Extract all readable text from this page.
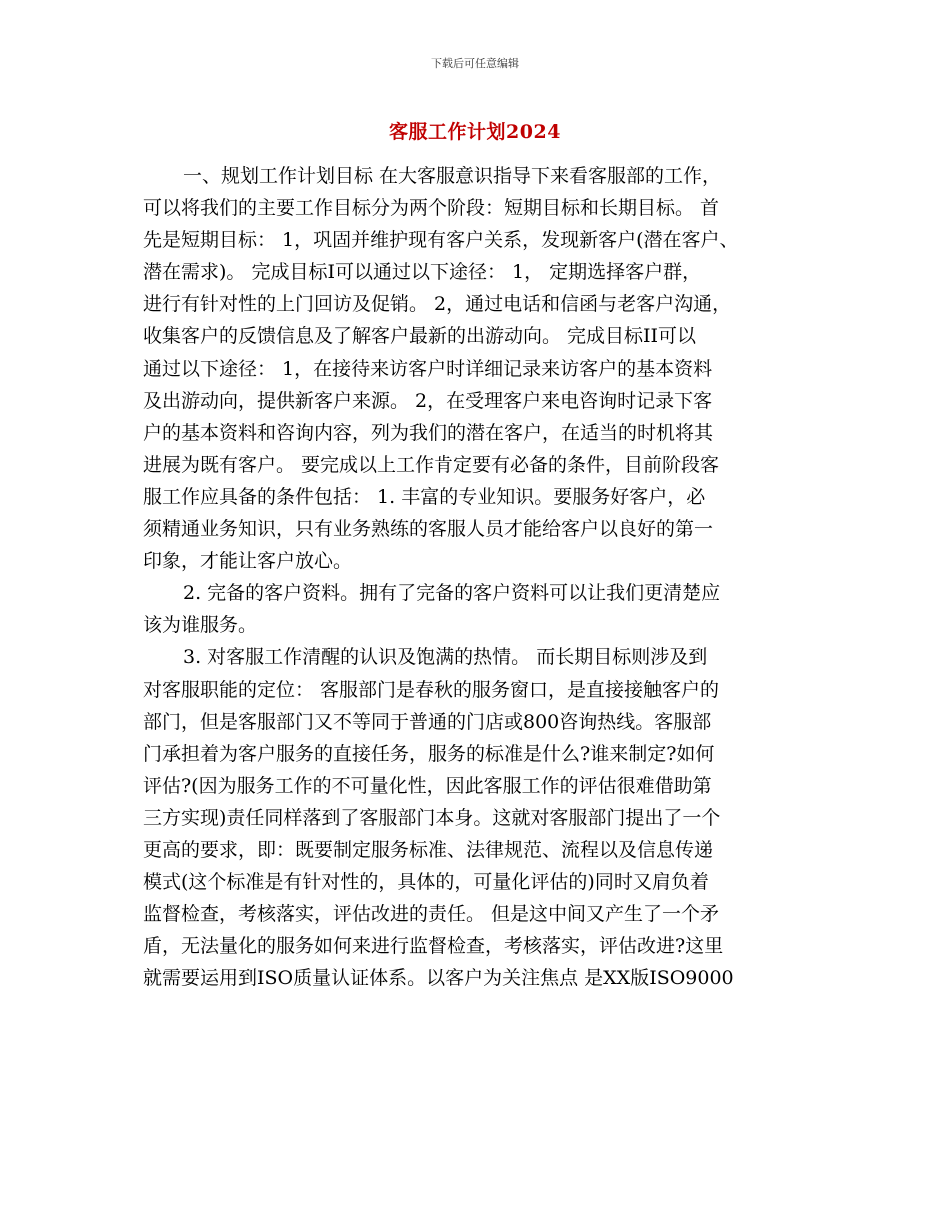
下载后可任意编辑
客服工作计划2024
一、规划工作计划目标 在大客服意识指导下来看客服部的工作，
可以将我们的主要工作目标分为两个阶段：短期目标和长期目标。 首
先是短期目标： 1，巩固并维护现有客户关系，发现新客户(潜在客户、
潜在需求)。 完成目标I可以通过以下途径： 1， 定期选择客户群，
进行有针对性的上门回访及促销。 2，通过电话和信函与老客户沟通，
收集客户的反馈信息及了解客户最新的出游动向。 完成目标II可以
通过以下途径： 1，在接待来访客户时详细记录来访客户的基本资料
及出游动向，提供新客户来源。 2，在受理客户来电咨询时记录下客
户的基本资料和咨询内容，列为我们的潜在客户，在适当的时机将其
进展为既有客户。 要完成以上工作肯定要有必备的条件，目前阶段客
服工作应具备的条件包括： 1. 丰富的专业知识。要服务好客户，必
须精通业务知识，只有业务熟练的客服人员才能给客户以良好的第一
印象，才能让客户放心。
2. 完备的客户资料。拥有了完备的客户资料可以让我们更清楚应
该为谁服务。
3. 对客服工作清醒的认识及饱满的热情。 而长期目标则涉及到
对客服职能的定位： 客服部门是春秋的服务窗口，是直接接触客户的
部门，但是客服部门又不等同于普通的门店或800咨询热线。客服部
门承担着为客户服务的直接任务，服务的标准是什么?谁来制定?如何
评估?(因为服务工作的不可量化性，因此客服工作的评估很难借助第
三方实现)责任同样落到了客服部门本身。这就对客服部门提出了一个
更高的要求，即：既要制定服务标准、法律规范、流程以及信息传递
模式(这个标准是有针对性的，具体的，可量化评估的)同时又肩负着
监督检查，考核落实，评估改进的责任。 但是这中间又产生了一个矛
盾，无法量化的服务如何来进行监督检查，考核落实，评估改进?这里
就需要运用到ISO质量认证体系。以客户为关注焦点 是XX版ISO9000
